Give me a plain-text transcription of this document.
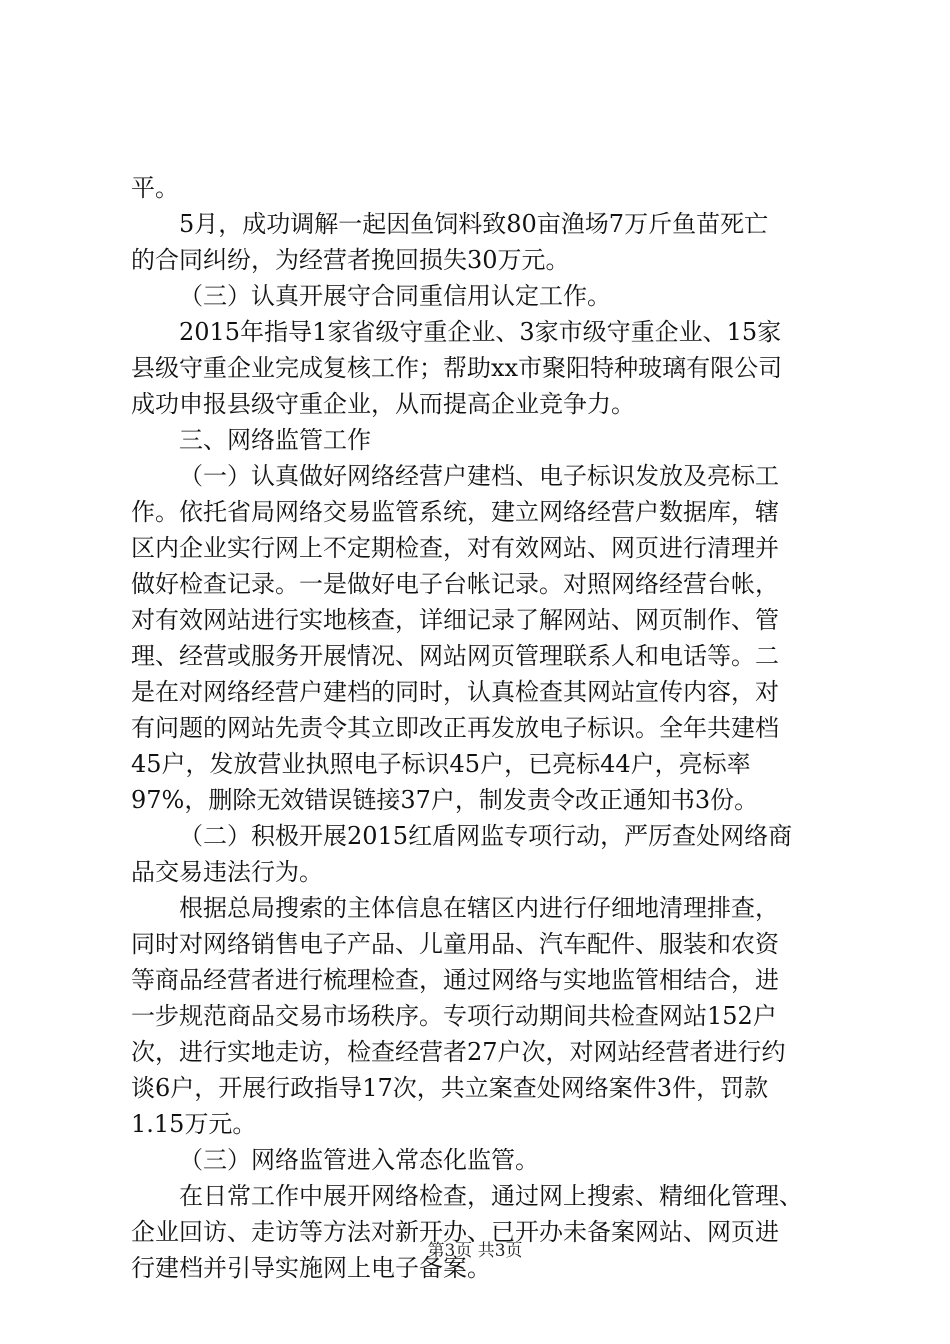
平。
5月，成功调解一起因鱼饲料致80亩渔场7万斤鱼苗死亡
的合同纠纷，为经营者挽回损失30万元。
（三）认真开展守合同重信用认定工作。
2015年指导1家省级守重企业、3家市级守重企业、15家
县级守重企业完成复核工作；帮助xx市聚阳特种玻璃有限公司
成功申报县级守重企业，从而提高企业竞争力。
三、网络监管工作
（一）认真做好网络经营户建档、电子标识发放及亮标工
作。依托省局网络交易监管系统，建立网络经营户数据库，辖
区内企业实行网上不定期检查，对有效网站、网页进行清理并
做好检查记录。一是做好电子台帐记录。对照网络经营台帐，
对有效网站进行实地核查，详细记录了解网站、网页制作、管
理、经营或服务开展情况、网站网页管理联系人和电话等。二
是在对网络经营户建档的同时，认真检查其网站宣传内容，对
有问题的网站先责令其立即改正再发放电子标识。全年共建档
45户，发放营业执照电子标识45户，已亮标44户，亮标率
97%，删除无效错误链接37户，制发责令改正通知书3份。
（二）积极开展2015红盾网监专项行动，严厉查处网络商
品交易违法行为。
根据总局搜索的主体信息在辖区内进行仔细地清理排查，
同时对网络销售电子产品、儿童用品、汽车配件、服装和农资
等商品经营者进行梳理检查，通过网络与实地监管相结合，进
一步规范商品交易市场秩序。专项行动期间共检查网站152户
次，进行实地走访，检查经营者27户次，对网站经营者进行约
谈6户，开展行政指导17次，共立案查处网络案件3件，罚款
1.15万元。
（三）网络监管进入常态化监管。
在日常工作中展开网络检查，通过网上搜索、精细化管理、
企业回访、走访等方法对新开办、已开办未备案网站、网页进
行建档并引导实施网上电子备案。
第3页 共3页
